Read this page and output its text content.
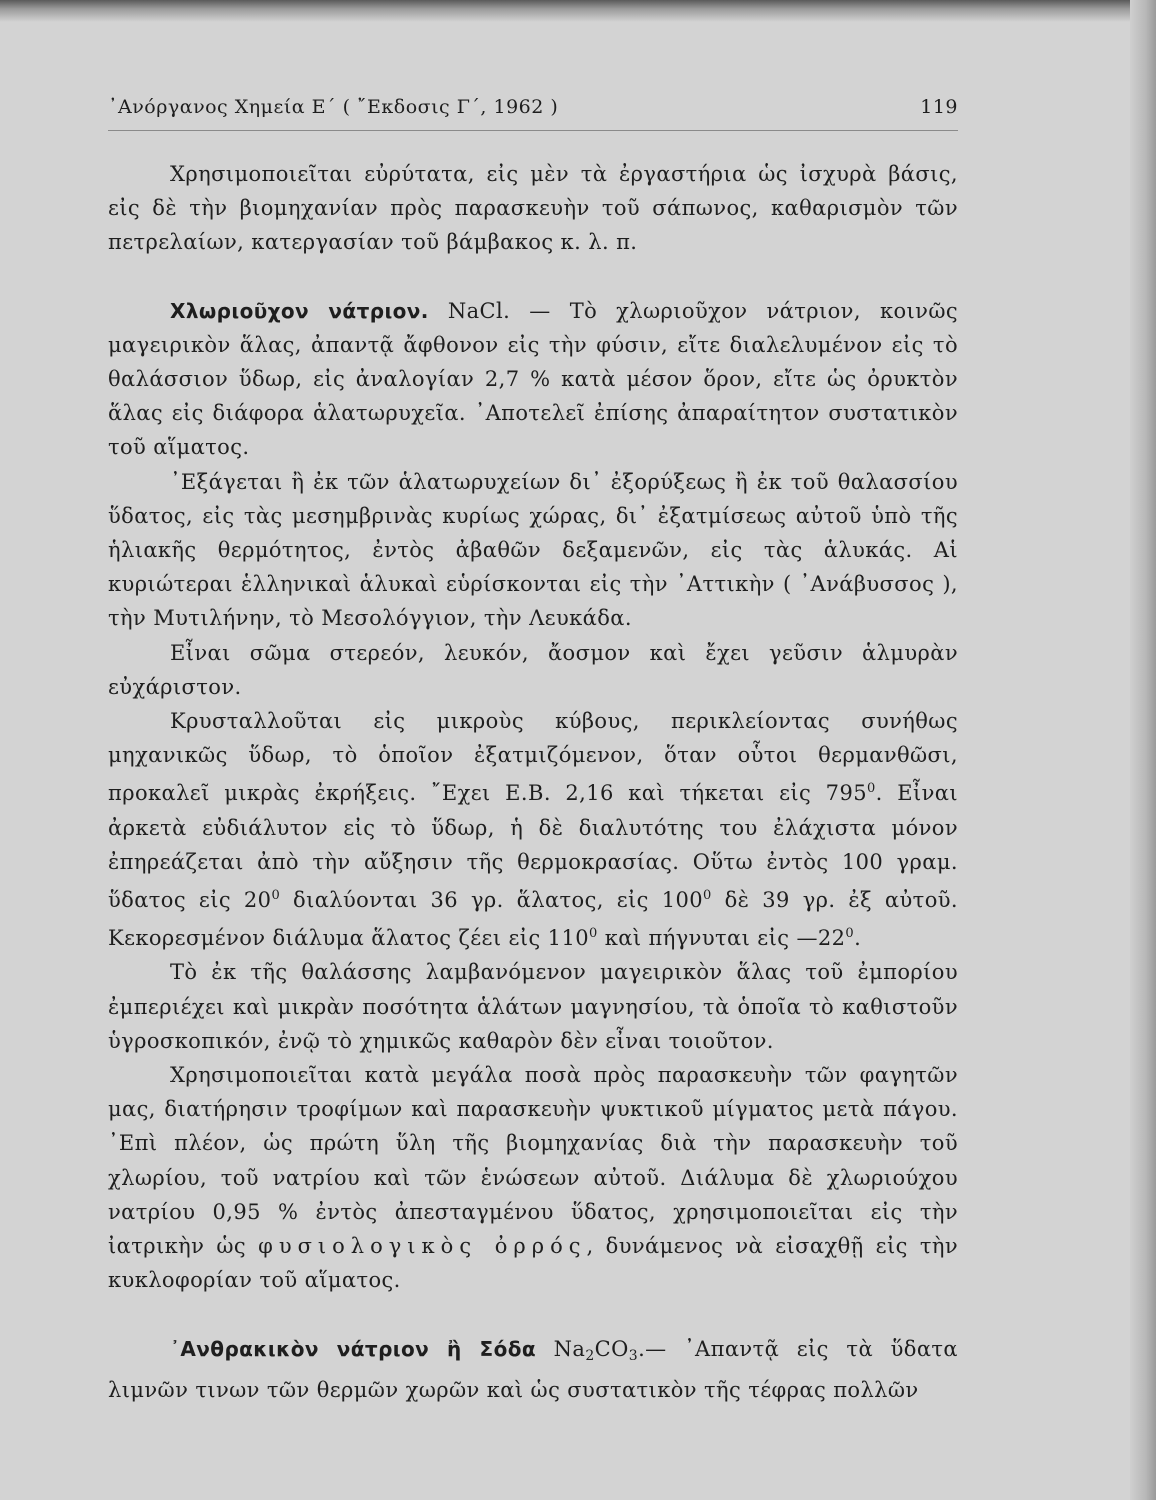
᾿Ανόργανος Χημεία Ε΄ ( ῎Εκδοσις Γ΄, 1962 )	119

Χρησιμοποιεῖται εὐρύτατα, εἰς μὲν τὰ ἐργαστήρια ὡς ἰσχυρὰ βάσις, εἰς δὲ τὴν βιομηχανίαν πρὸς παρασκευὴν τοῦ σάπωνος, καθαρισμὸν τῶν πετρελαίων, κατεργασίαν τοῦ βάμβακος κ. λ. π.

Χλωριοῦχον νάτριον. NaCl. — Τὸ χλωριοῦχον νάτριον, κοινῶς μαγειρικὸν ἅλας, ἀπαντᾷ ἄφθονον εἰς τὴν φύσιν, εἴτε διαλελυμένον εἰς τὸ θαλάσσιον ὕδωρ, εἰς ἀναλογίαν 2,7 % κατὰ μέσον ὅρον, εἴτε ὡς ὀρυκτὸν ἅλας εἰς διάφορα ἁλατωρυχεῖα. ᾿Αποτελεῖ ἐπίσης ἀπαραίτητον συστατικὸν τοῦ αἵματος.

᾿Εξάγεται ἢ ἐκ τῶν ἁλατωρυχείων δι᾿ ἐξορύξεως ἢ ἐκ τοῦ θαλασσίου ὕδατος, εἰς τὰς μεσημβρινὰς κυρίως χώρας, δι᾿ ἐξατμίσεως αὐτοῦ ὑπὸ τῆς ἡλιακῆς θερμότητος, ἐντὸς ἀβαθῶν δεξαμενῶν, εἰς τὰς ἁλυκάς. Αἱ κυριώτεραι ἑλληνικαὶ ἁλυκαὶ εὑρίσκονται εἰς τὴν ᾿Αττικὴν ( ᾿Ανάβυσσος ), τὴν Μυτιλήνην, τὸ Μεσολόγγιον, τὴν Λευκάδα.

Εἶναι σῶμα στερεόν, λευκόν, ἄοσμον καὶ ἔχει γεῦσιν ἁλμυρὰν εὐχάριστον.

Κρυσταλλοῦται εἰς μικροὺς κύβους, περικλείοντας συνήθως μηχανικῶς ὕδωρ, τὸ ὁποῖον ἐξατμιζόμενον, ὅταν οὗτοι θερμανθῶσι, προκαλεῖ μικρὰς ἐκρήξεις. ῎Εχει Ε.Β. 2,16 καὶ τήκεται εἰς $795^0$. Εἶναι ἀρκετὰ εὐδιάλυτον εἰς τὸ ὕδωρ, ἡ δὲ διαλυτότης του ἐλάχιστα μόνον ἐπηρεάζεται ἀπὸ τὴν αὔξησιν τῆς θερμοκρασίας. Οὕτω ἐντὸς 100 γραμ. ὕδατος εἰς $20^0$ διαλύονται 36 γρ. ἅλατος, εἰς $100^0$ δὲ 39 γρ. ἐξ αὐτοῦ. Κεκορεσμένον διάλυμα ἅλατος ζέει εἰς $110^0$ καὶ πήγνυται εἰς $—22^0$.

Τὸ ἐκ τῆς θαλάσσης λαμβανόμενον μαγειρικὸν ἅλας τοῦ ἐμπορίου ἐμπεριέχει καὶ μικρὰν ποσότητα ἁλάτων μαγνησίου, τὰ ὁποῖα τὸ καθιστοῦν ὑγροσκοπικόν, ἐνῷ τὸ χημικῶς καθαρὸν δὲν εἶναι τοιοῦτον.

Χρησιμοποιεῖται κατὰ μεγάλα ποσὰ πρὸς παρασκευὴν τῶν φαγητῶν μας, διατήρησιν τροφίμων καὶ παρασκευὴν ψυκτικοῦ μίγματος μετὰ πάγου. ᾿Επὶ πλέον, ὡς πρώτη ὕλη τῆς βιομηχανίας διὰ τὴν παρασκευὴν τοῦ χλωρίου, τοῦ νατρίου καὶ τῶν ἑνώσεων αὐτοῦ. Διάλυμα δὲ χλωριούχου νατρίου 0,95 % ἐντὸς ἀπεσταγμένου ὕδατος, χρησιμοποιεῖται εἰς τὴν ἰατρικὴν ὡς φυσιολογικὸς ὀρρός, δυνάμενος νὰ εἰσαχθῇ εἰς τὴν κυκλοφορίαν τοῦ αἵματος.

᾿Ανθρακικὸν νάτριον ἢ Σόδα $Na_2CO_3.—$ ᾿Απαντᾷ εἰς τὰ ὕδατα λιμνῶν τινων τῶν θερμῶν χωρῶν καὶ ὡς συστατικὸν τῆς τέφρας πολλῶν
